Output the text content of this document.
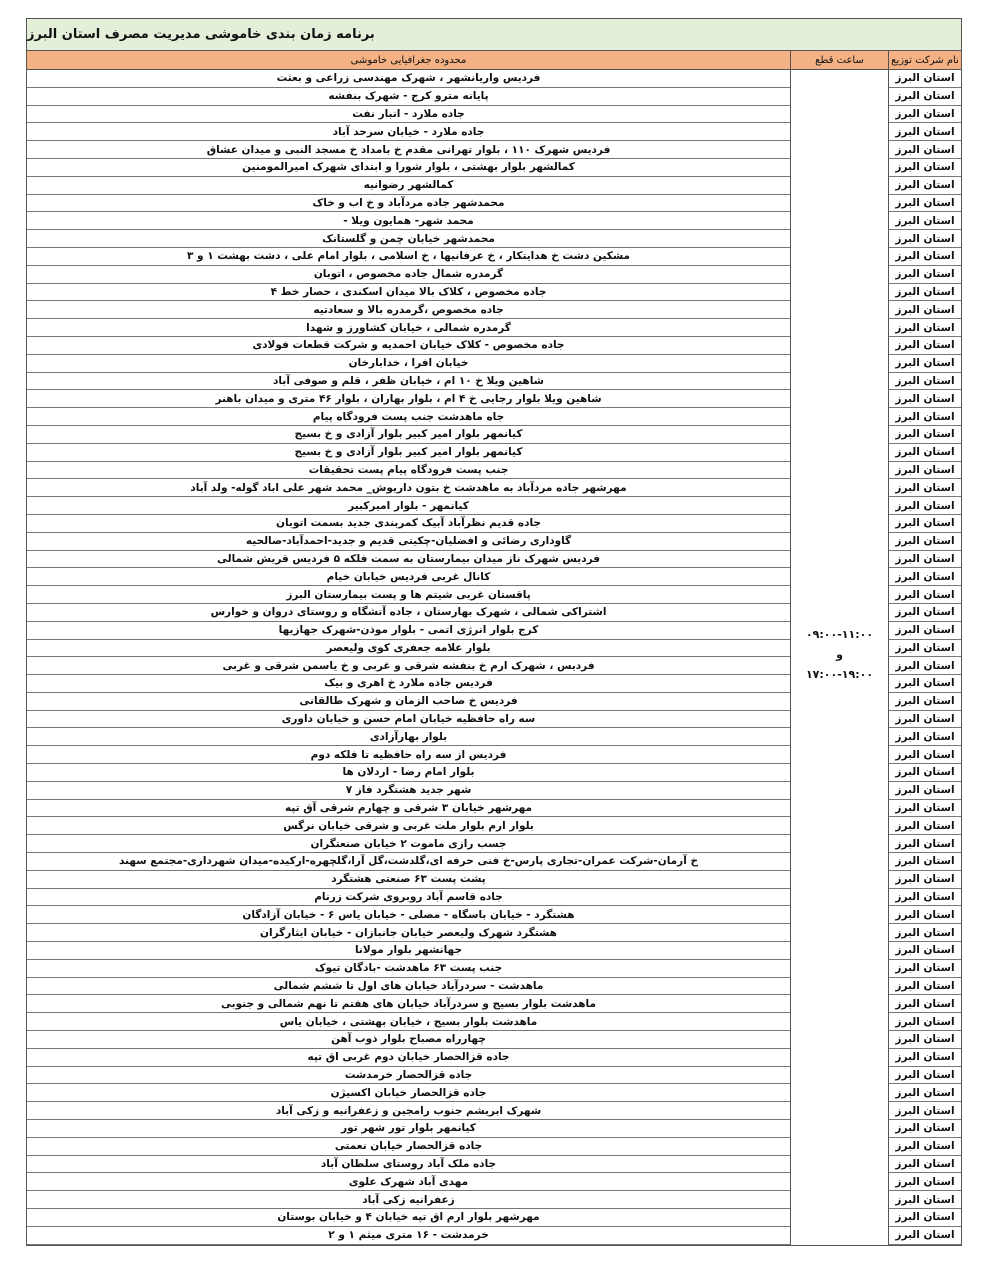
برنامه زمان بندی خاموشی مدیریت مصرف استان البرز
محدوده جغرافیایی خاموشی	ساعت قطع	نام شرکت توزیع
فردیس واریانشهر ، شهرک مهندسی زراعی و بعثت
پایانه مترو کرج - شهرک بنفشه
جاده ملارد - انبار نفت
جاده ملارد - خیابان سرحد آباد
فردیس شهرک ۱۱۰ ، بلوار تهرانی مقدم خ بامداد خ مسجد النبی و میدان عشاق
کمالشهر بلوار بهشتی ، بلوار شورا و ابتدای شهرک امیرالمومنین
کمالشهر رضوانیه
محمدشهر جاده مردآباد و خ اب و خاک
محمد شهر- همایون ویلا -
محمدشهر خیابان چمن و گلستانک
مشکین دشت خ هدایتکار ، خ عرفانیها ، خ اسلامی ، بلوار امام علی ، دشت بهشت ۱ و ۳
گرمدره شمال جاده مخصوص ، اتوبان
جاده مخصوص ، کلاک بالا میدان اسکندی ، حصار خط ۴
جاده مخصوص ،گرمدره بالا و سعادتیه
گرمدره شمالی ، خیابان کشاورز و شهدا
جاده مخصوص - کلاک خیابان احمدیه و شرکت قطعات فولادی
خیابان افرا ، خدابارخان
شاهین ویلا خ ۱۰ ام ، خیابان ظفر ، قلم و صوفی آباد
شاهین ویلا بلوار رجایی خ ۴ ام ، بلوار بهاران ، بلوار ۴۶ متری و میدان باهنر
جاه ماهدشت جنب پست فرودگاه پیام
کیانمهر بلوار امیر کبیر بلوار آزادی و خ بسیج
کیانمهر بلوار امیر کبیر بلوار آزادی و خ بسیج
جنب پست فرودگاه پیام پست تحقیقات
مهرشهر جاده مردآباد به ماهدشت خ بتون داریوش_ محمد شهر علی اباد گوله- ولد آباد
کیانمهر - بلوار امیرکبیر
جاده قدیم نظرآباد آبیک کمربندی جدید بسمت اتوبان
گاوداری رضائی و افضلیان-چکیتی قدیم و جدید-احمدآباد-صالحیه
فردیس شهرک ناز میدان بیمارستان به سمت فلکه ۵ فردیس قریش شمالی
کانال غربی فردیس خیابان خیام
پاقستان غربی شیتم ها و پست بیمارستان البرز
اشتراکی شمالی ، شهرک بهارستان ، جاده آتشگاه و روستای دروان و خوارس
کرج بلوار انرژی اتمی - بلوار موذن-شهرک جهازیها
بلوار علامه جعفری کوی ولیعصر
فردیس ، شهرک ارم خ بنفشه شرقی و غربی و خ یاسمن شرقی و غربی
فردیس جاده ملارد خ اهری و بیک
فردیس خ صاحب الزمان و شهرک طالقانی
سه راه حافظیه خیابان امام حسن و خیابان داوری
بلوار بهارآزادی
فردیس از سه راه حافظیه تا فلکه دوم
بلوار امام رضا - اردلان ها
شهر جدید هشتگرد فاز ۷
مهرشهر خیابان ۳ شرقی و چهارم شرقی آق تپه
بلوار ارم بلوار ملت غربی و شرقی خیابان نرگس
جسب رازی ماموت ۲ خیابان صنعتگران
خ آرمان-شرکت عمران-تجاری پارس-خ فنی حرفه ای،گلدشت،گل آرا،گلچهره-ارکیده-میدان شهرداری-مجتمع سهند
پشت پست ۶۳ صنعتی هشتگرد
جاده قاسم آباد روبروی شرکت زرنام
هشتگرد - خیابان باسگاه - مصلی - خیابان یاس ۶ - خیابان آزادگان
هشتگرد شهرک ولیعصر خیابان جانبازان - خیابان ایثارگران
جهانشهر بلوار مولانا
جنب پست ۶۳ ماهدشت -بادگان تیوک
ماهدشت - سردرآباد خیابان های اول تا ششم شمالی
ماهدشت بلوار بسیج و سردرآباد خیابان های هفتم تا نهم شمالی و جنوبی
ماهدشت بلوار بسیج ، خیابان بهشتی ، خیابان یاس
چهارراه مصباح بلوار ذوب آهن
جاده قزالحصار خیابان دوم غربی اق تپه
جاده قزالحصار خرمدشت
جاده قزالحصار خیابان اکسیژن
شهرک ابریشم جنوب رامجین و زعفرانیه و زکی آباد
کیانمهر بلوار تور شهر تور
جاده قزالحصار خیابان نعمتی
جاده ملک آباد روستای سلطان آباد
مهدی آباد شهرک علوی
زعفرانیه زکی آباد
مهرشهر بلوار ارم اق تپه خیابان ۴ و خیابان بوستان
خرمدشت - ۱۶ متری میثم ۱ و ۲
۰۹:۰۰-۱۱:۰۰
و
۱۷:۰۰-۱۹:۰۰
استان البرز
استان البرز
استان البرز
استان البرز
استان البرز
استان البرز
استان البرز
استان البرز
استان البرز
استان البرز
استان البرز
استان البرز
استان البرز
استان البرز
استان البرز
استان البرز
استان البرز
استان البرز
استان البرز
استان البرز
استان البرز
استان البرز
استان البرز
استان البرز
استان البرز
استان البرز
استان البرز
استان البرز
استان البرز
استان البرز
استان البرز
استان البرز
استان البرز
استان البرز
استان البرز
استان البرز
استان البرز
استان البرز
استان البرز
استان البرز
استان البرز
استان البرز
استان البرز
استان البرز
استان البرز
استان البرز
استان البرز
استان البرز
استان البرز
استان البرز
استان البرز
استان البرز
استان البرز
استان البرز
استان البرز
استان البرز
استان البرز
استان البرز
استان البرز
استان البرز
استان البرز
استان البرز
استان البرز
استان البرز
استان البرز
استان البرز
